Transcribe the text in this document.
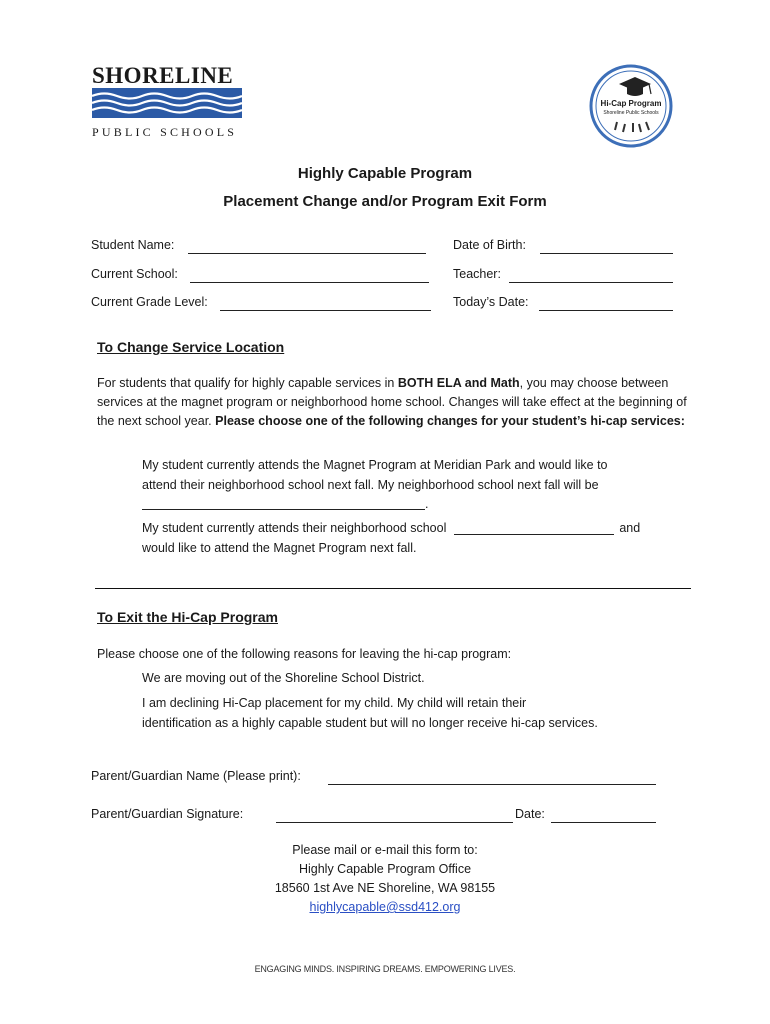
SHORELINE
PUBLIC SCHOOLS
Hi-Cap Program
Shoreline Public Schools
Highly Capable Program
Placement Change and/or Program Exit Form
Student Name:	Date of Birth:
Current School:	Teacher:
Current Grade Level:	Today’s Date:
To Change Service Location
For students that qualify for highly capable services in BOTH ELA and Math, you may choose between services at the magnet program or neighborhood home school. Changes will take effect at the beginning of the next school year. Please choose one of the following changes for your student’s hi-cap services:
My student currently attends the Magnet Program at Meridian Park and would like to
attend their neighborhood school next fall. My neighborhood school next fall will be
.
My student currently attends their neighborhood school	and
would like to attend the Magnet Program next fall.
To Exit the Hi-Cap Program
Please choose one of the following reasons for leaving the hi-cap program:
We are moving out of the Shoreline School District.
I am declining Hi-Cap placement for my child. My child will retain their
identification as a highly capable student but will no longer receive hi-cap services.
Parent/Guardian Name (Please print):
Parent/Guardian Signature:	Date:
Please mail or e-mail this form to:
Highly Capable Program Office
18560 1st Ave NE Shoreline, WA 98155
highlycapable@ssd412.org
ENGAGING MINDS. INSPIRING DREAMS. EMPOWERING LIVES.
